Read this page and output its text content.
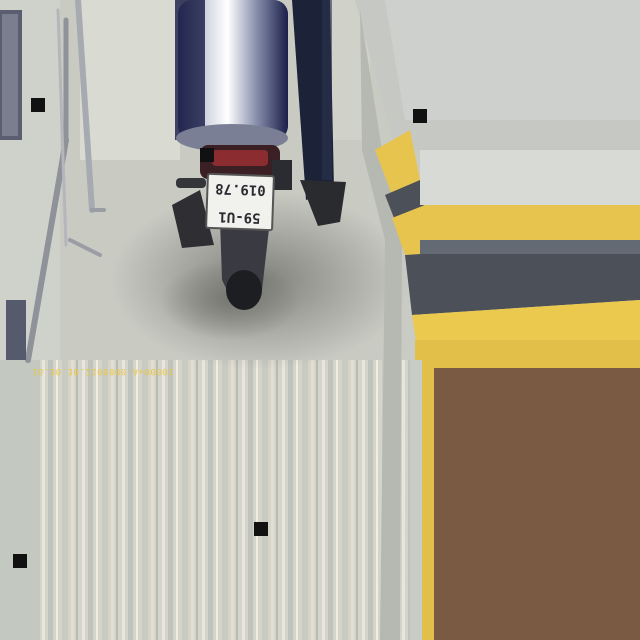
59-U1
019.78
16.30.30.2100000 A+00001
